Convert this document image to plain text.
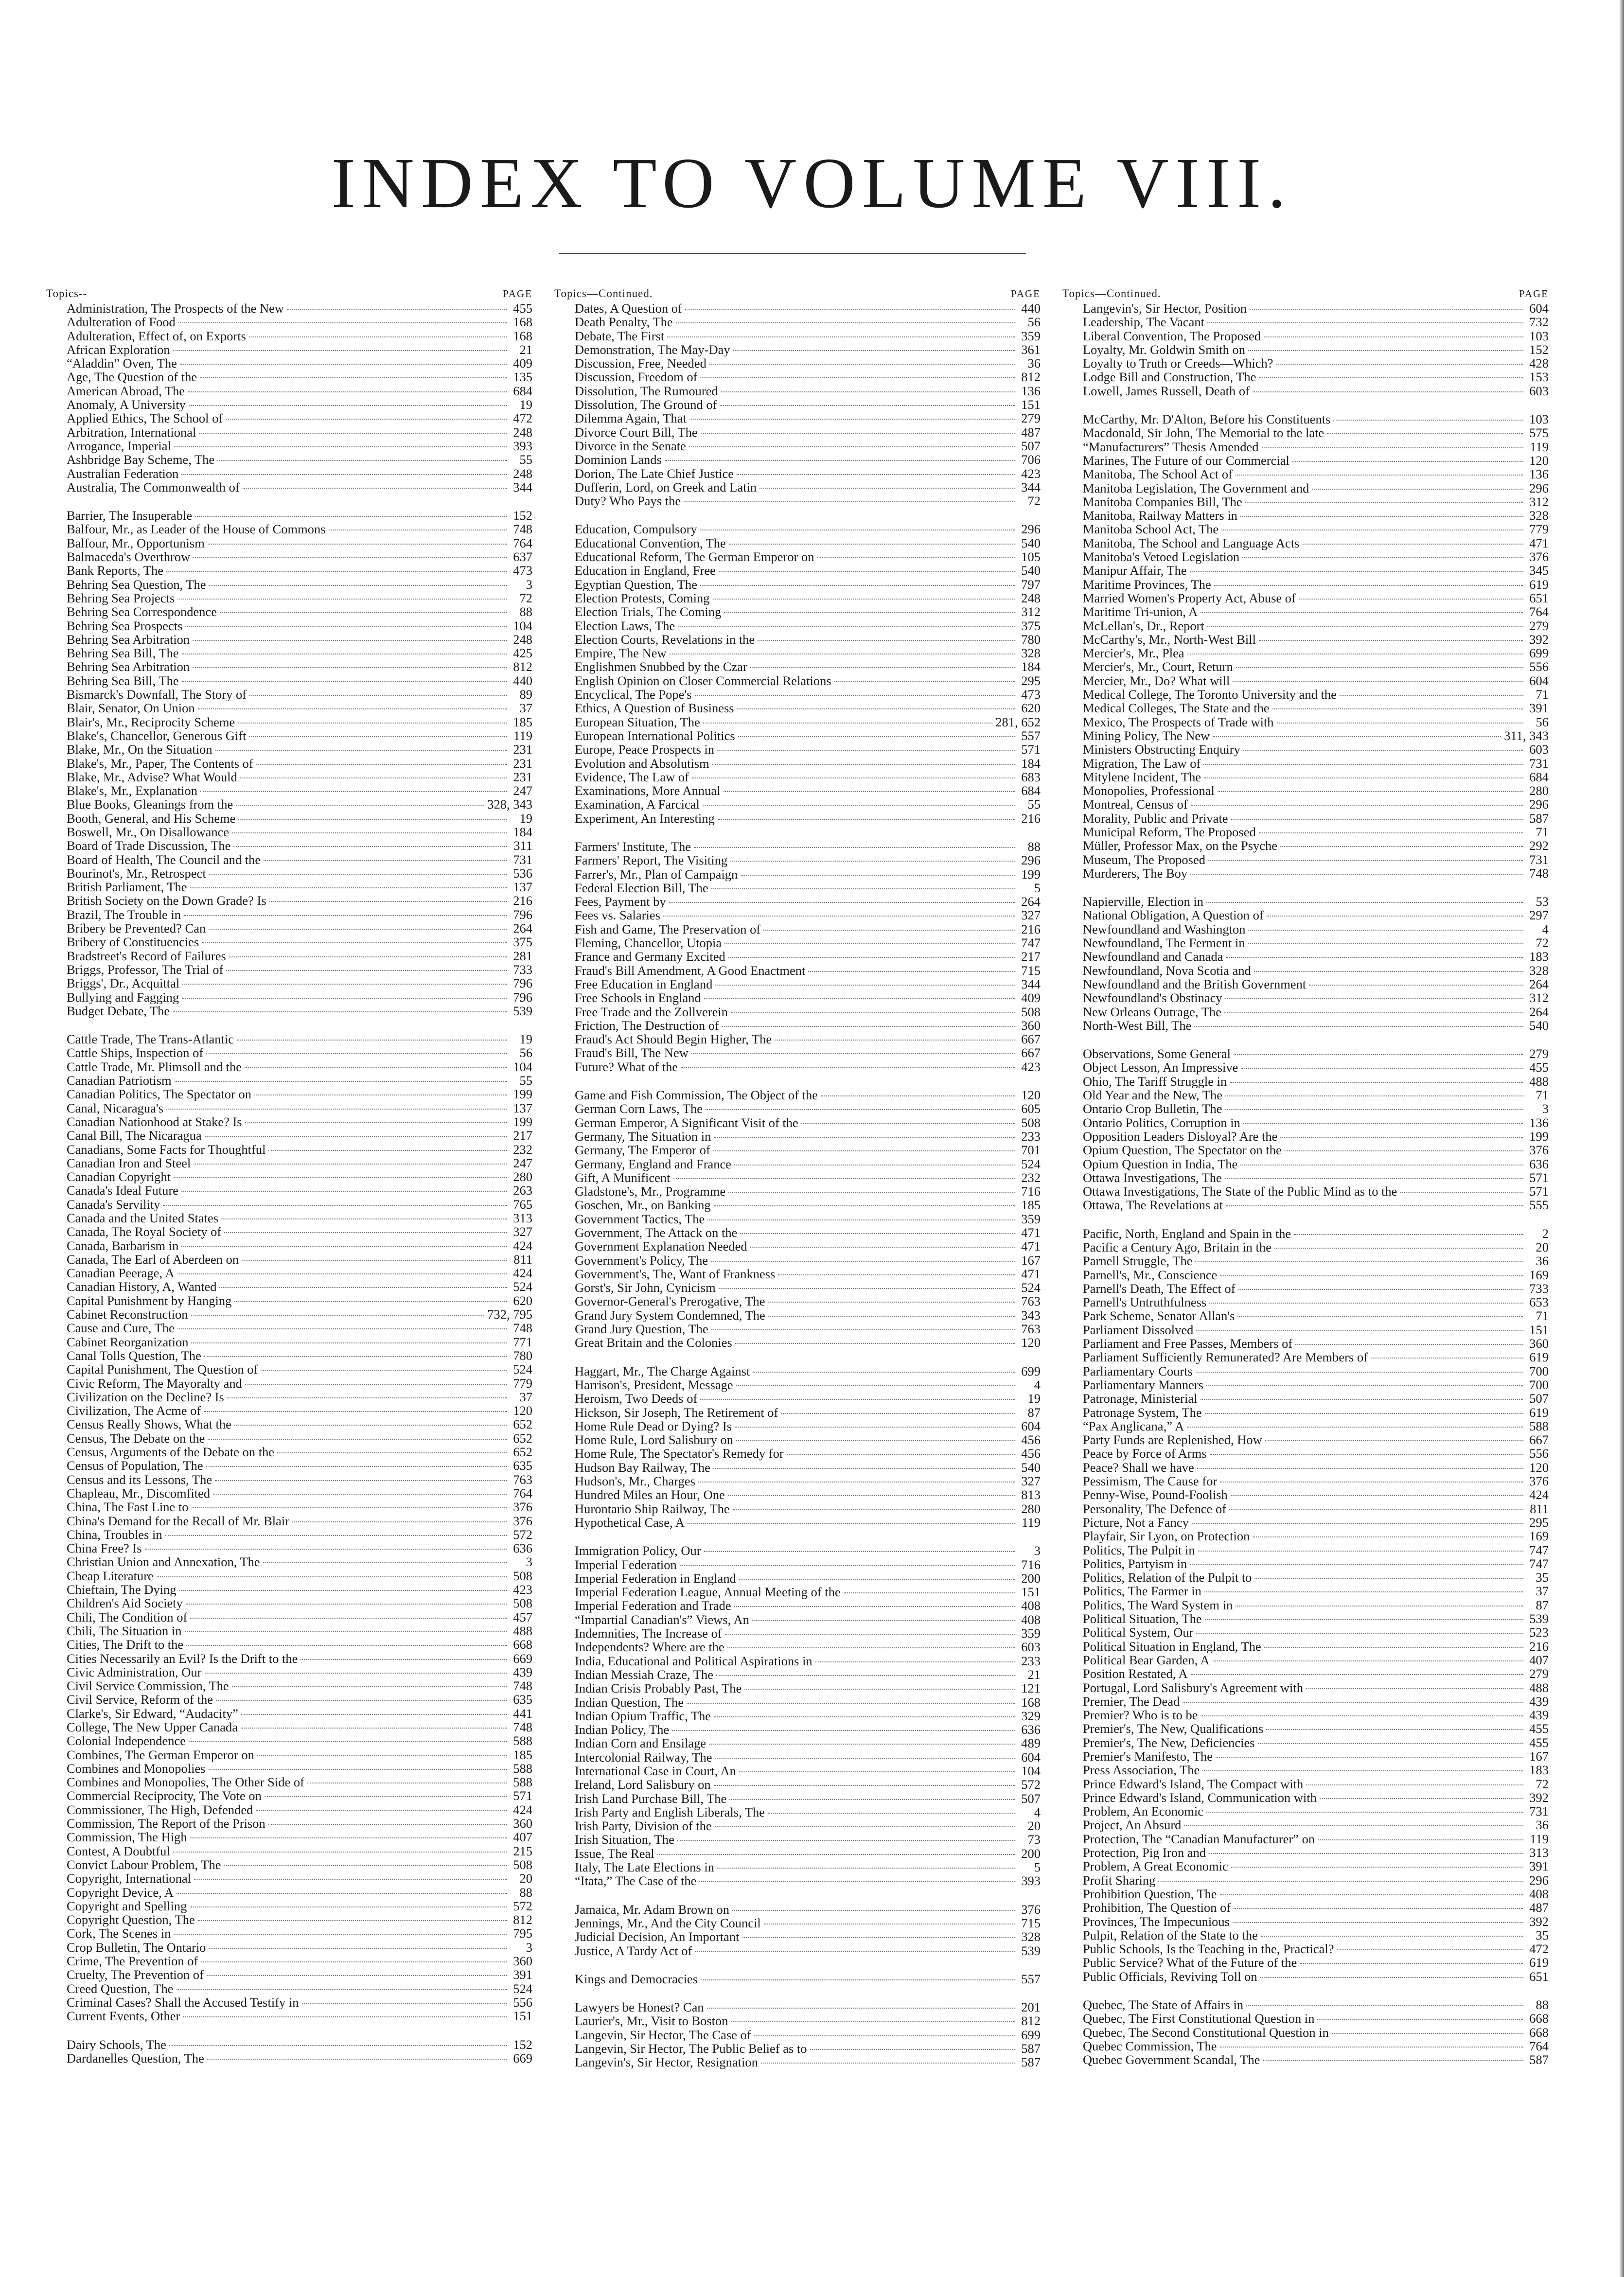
INDEX TO VOLUME VIII.
Topics--	PAGE
Administration, The Prospects of the New	455
Adulteration of Food	168
Adulteration, Effect of, on Exports	168
African Exploration	21
“Aladdin” Oven, The	409
Age, The Question of the	135
American Abroad, The	684
Anomaly, A University	19
Applied Ethics, The School of	472
Arbitration, International	248
Arrogance, Imperial	393
Ashbridge Bay Scheme, The	55
Australian Federation	248
Australia, The Commonwealth of	344
Barrier, The Insuperable	152
Balfour, Mr., as Leader of the House of Commons	748
Balfour, Mr., Opportunism	764
Balmaceda's Overthrow	637
Bank Reports, The	473
Behring Sea Question, The	3
Behring Sea Projects	72
Behring Sea Correspondence	88
Behring Sea Prospects	104
Behring Sea Arbitration	248
Behring Sea Bill, The	425
Behring Sea Arbitration	812
Behring Sea Bill, The	440
Bismarck's Downfall, The Story of	89
Blair, Senator, On Union	37
Blair's, Mr., Reciprocity Scheme	185
Blake's, Chancellor, Generous Gift	119
Blake, Mr., On the Situation	231
Blake's, Mr., Paper, The Contents of	231
Blake, Mr., Advise? What Would	231
Blake's, Mr., Explanation	247
Blue Books, Gleanings from the	328, 343
Booth, General, and His Scheme	19
Boswell, Mr., On Disallowance	184
Board of Trade Discussion, The	311
Board of Health, The Council and the	731
Bourinot's, Mr., Retrospect	536
British Parliament, The	137
British Society on the Down Grade? Is	216
Brazil, The Trouble in	796
Bribery be Prevented? Can	264
Bribery of Constituencies	375
Bradstreet's Record of Failures	281
Briggs, Professor, The Trial of	733
Briggs', Dr., Acquittal	796
Bullying and Fagging	796
Budget Debate, The	539
Cattle Trade, The Trans-Atlantic	19
Cattle Ships, Inspection of	56
Cattle Trade, Mr. Plimsoll and the	104
Canadian Patriotism	55
Canadian Politics, The Spectator on	199
Canal, Nicaragua's	137
Canadian Nationhood at Stake? Is	199
Canal Bill, The Nicaragua	217
Canadians, Some Facts for Thoughtful	232
Canadian Iron and Steel	247
Canadian Copyright	280
Canada's Ideal Future	263
Canada's Servility	765
Canada and the United States	313
Canada, The Royal Society of	327
Canada, Barbarism in	424
Canada, The Earl of Aberdeen on	811
Canadian Peerage, A	424
Canadian History, A, Wanted	524
Capital Punishment by Hanging	620
Cabinet Reconstruction	732, 795
Cause and Cure, The	748
Cabinet Reorganization	771
Canal Tolls Question, The	780
Capital Punishment, The Question of	524
Civic Reform, The Mayoralty and	779
Civilization on the Decline? Is	37
Civilization, The Acme of	120
Census Really Shows, What the	652
Census, The Debate on the	652
Census, Arguments of the Debate on the	652
Census of Population, The	635
Census and its Lessons, The	763
Chapleau, Mr., Discomfited	764
China, The Fast Line to	376
China's Demand for the Recall of Mr. Blair	376
China, Troubles in	572
China Free? Is	636
Christian Union and Annexation, The	3
Cheap Literature	508
Chieftain, The Dying	423
Children's Aid Society	508
Chili, The Condition of	457
Chili, The Situation in	488
Cities, The Drift to the	668
Cities Necessarily an Evil? Is the Drift to the	669
Civic Administration, Our	439
Civil Service Commission, The	748
Civil Service, Reform of the	635
Clarke's, Sir Edward, “Audacity”	441
College, The New Upper Canada	748
Colonial Independence	588
Combines, The German Emperor on	185
Combines and Monopolies	588
Combines and Monopolies, The Other Side of	588
Commercial Reciprocity, The Vote on	571
Commissioner, The High, Defended	424
Commission, The Report of the Prison	360
Commission, The High	407
Contest, A Doubtful	215
Convict Labour Problem, The	508
Copyright, International	20
Copyright Device, A	88
Copyright and Spelling	572
Copyright Question, The	812
Cork, The Scenes in	795
Crop Bulletin, The Ontario	3
Crime, The Prevention of	360
Cruelty, The Prevention of	391
Creed Question, The	524
Criminal Cases? Shall the Accused Testify in	556
Current Events, Other	151
Dairy Schools, The	152
Dardanelles Question, The	669
Topics—Continued.	PAGE
Dates, A Question of	440
Death Penalty, The	56
Debate, The First	359
Demonstration, The May-Day	361
Discussion, Free, Needed	36
Discussion, Freedom of	812
Dissolution, The Rumoured	136
Dissolution, The Ground of	151
Dilemma Again, That	279
Divorce Court Bill, The	487
Divorce in the Senate	507
Dominion Lands	706
Dorion, The Late Chief Justice	423
Dufferin, Lord, on Greek and Latin	344
Duty? Who Pays the	72
Education, Compulsory	296
Educational Convention, The	540
Educational Reform, The German Emperor on	105
Education in England, Free	540
Egyptian Question, The	797
Election Protests, Coming	248
Election Trials, The Coming	312
Election Laws, The	375
Election Courts, Revelations in the	780
Empire, The New	328
Englishmen Snubbed by the Czar	184
English Opinion on Closer Commercial Relations	295
Encyclical, The Pope's	473
Ethics, A Question of Business	620
European Situation, The	281, 652
European International Politics	557
Europe, Peace Prospects in	571
Evolution and Absolutism	184
Evidence, The Law of	683
Examinations, More Annual	684
Examination, A Farcical	55
Experiment, An Interesting	216
Farmers' Institute, The	88
Farmers' Report, The Visiting	296
Farrer's, Mr., Plan of Campaign	199
Federal Election Bill, The	5
Fees, Payment by	264
Fees vs. Salaries	327
Fish and Game, The Preservation of	216
Fleming, Chancellor, Utopia	747
France and Germany Excited	217
Fraud's Bill Amendment, A Good Enactment	715
Free Education in England	344
Free Schools in England	409
Free Trade and the Zollverein	508
Friction, The Destruction of	360
Fraud's Act Should Begin Higher, The	667
Fraud's Bill, The New	667
Future? What of the	423
Game and Fish Commission, The Object of the	120
German Corn Laws, The	605
German Emperor, A Significant Visit of the	508
Germany, The Situation in	233
Germany, The Emperor of	701
Germany, England and France	524
Gift, A Munificent	232
Gladstone's, Mr., Programme	716
Goschen, Mr., on Banking	185
Government Tactics, The	359
Government, The Attack on the	471
Government Explanation Needed	471
Government's Policy, The	167
Government's, The, Want of Frankness	471
Gorst's, Sir John, Cynicism	524
Governor-General's Prerogative, The	763
Grand Jury System Condemned, The	343
Grand Jury Question, The	763
Great Britain and the Colonies	120
Haggart, Mr., The Charge Against	699
Harrison's, President, Message	4
Heroism, Two Deeds of	19
Hickson, Sir Joseph, The Retirement of	87
Home Rule Dead or Dying? Is	604
Home Rule, Lord Salisbury on	456
Home Rule, The Spectator's Remedy for	456
Hudson Bay Railway, The	540
Hudson's, Mr., Charges	327
Hundred Miles an Hour, One	813
Hurontario Ship Railway, The	280
Hypothetical Case, A	119
Immigration Policy, Our	3
Imperial Federation	716
Imperial Federation in England	200
Imperial Federation League, Annual Meeting of the	151
Imperial Federation and Trade	408
“Impartial Canadian's” Views, An	408
Indemnities, The Increase of	359
Independents? Where are the	603
India, Educational and Political Aspirations in	233
Indian Messiah Craze, The	21
Indian Crisis Probably Past, The	121
Indian Question, The	168
Indian Opium Traffic, The	329
Indian Policy, The	636
Indian Corn and Ensilage	489
Intercolonial Railway, The	604
International Case in Court, An	104
Ireland, Lord Salisbury on	572
Irish Land Purchase Bill, The	507
Irish Party and English Liberals, The	4
Irish Party, Division of the	20
Irish Situation, The	73
Issue, The Real	200
Italy, The Late Elections in	5
“Itata,” The Case of the	393
Jamaica, Mr. Adam Brown on	376
Jennings, Mr., And the City Council	715
Judicial Decision, An Important	328
Justice, A Tardy Act of	539
Kings and Democracies	557
Lawyers be Honest? Can	201
Laurier's, Mr., Visit to Boston	812
Langevin, Sir Hector, The Case of	699
Langevin, Sir Hector, The Public Belief as to	587
Langevin's, Sir Hector, Resignation	587
Topics—Continued.	PAGE
Langevin's, Sir Hector, Position	604
Leadership, The Vacant	732
Liberal Convention, The Proposed	103
Loyalty, Mr. Goldwin Smith on	152
Loyalty to Truth or Creeds—Which?	428
Lodge Bill and Construction, The	153
Lowell, James Russell, Death of	603
McCarthy, Mr. D'Alton, Before his Constituents	103
Macdonald, Sir John, The Memorial to the late	575
“Manufacturers” Thesis Amended	119
Marines, The Future of our Commercial	120
Manitoba, The School Act of	136
Manitoba Legislation, The Government and	296
Manitoba Companies Bill, The	312
Manitoba, Railway Matters in	328
Manitoba School Act, The	779
Manitoba, The School and Language Acts	471
Manitoba's Vetoed Legislation	376
Manipur Affair, The	345
Maritime Provinces, The	619
Married Women's Property Act, Abuse of	651
Maritime Tri-union, A	764
McLellan's, Dr., Report	279
McCarthy's, Mr., North-West Bill	392
Mercier's, Mr., Plea	699
Mercier's, Mr., Court, Return	556
Mercier, Mr., Do? What will	604
Medical College, The Toronto University and the	71
Medical Colleges, The State and the	391
Mexico, The Prospects of Trade with	56
Mining Policy, The New	311, 343
Ministers Obstructing Enquiry	603
Migration, The Law of	731
Mitylene Incident, The	684
Monopolies, Professional	280
Montreal, Census of	296
Morality, Public and Private	587
Municipal Reform, The Proposed	71
Müller, Professor Max, on the Psyche	292
Museum, The Proposed	731
Murderers, The Boy	748
Napierville, Election in	53
National Obligation, A Question of	297
Newfoundland and Washington	4
Newfoundland, The Ferment in	72
Newfoundland and Canada	183
Newfoundland, Nova Scotia and	328
Newfoundland and the British Government	264
Newfoundland's Obstinacy	312
New Orleans Outrage, The	264
North-West Bill, The	540
Observations, Some General	279
Object Lesson, An Impressive	455
Ohio, The Tariff Struggle in	488
Old Year and the New, The	71
Ontario Crop Bulletin, The	3
Ontario Politics, Corruption in	136
Opposition Leaders Disloyal? Are the	199
Opium Question, The Spectator on the	376
Opium Question in India, The	636
Ottawa Investigations, The	571
Ottawa Investigations, The State of the Public Mind as to the	571
Ottawa, The Revelations at	555
Pacific, North, England and Spain in the	2
Pacific a Century Ago, Britain in the	20
Parnell Struggle, The	36
Parnell's, Mr., Conscience	169
Parnell's Death, The Effect of	733
Parnell's Untruthfulness	653
Park Scheme, Senator Allan's	71
Parliament Dissolved	151
Parliament and Free Passes, Members of	360
Parliament Sufficiently Remunerated? Are Members of	619
Parliamentary Courts	700
Parliamentary Manners	700
Patronage, Ministerial	507
Patronage System, The	619
“Pax Anglicana,” A	588
Party Funds are Replenished, How	667
Peace by Force of Arms	556
Peace? Shall we have	120
Pessimism, The Cause for	376
Penny-Wise, Pound-Foolish	424
Personality, The Defence of	811
Picture, Not a Fancy	295
Playfair, Sir Lyon, on Protection	169
Politics, The Pulpit in	747
Politics, Partyism in	747
Politics, Relation of the Pulpit to	35
Politics, The Farmer in	37
Politics, The Ward System in	87
Political Situation, The	539
Political System, Our	523
Political Situation in England, The	216
Political Bear Garden, A	407
Position Restated, A	279
Portugal, Lord Salisbury's Agreement with	488
Premier, The Dead	439
Premier? Who is to be	439
Premier's, The New, Qualifications	455
Premier's, The New, Deficiencies	455
Premier's Manifesto, The	167
Press Association, The	183
Prince Edward's Island, The Compact with	72
Prince Edward's Island, Communication with	392
Problem, An Economic	731
Project, An Absurd	36
Protection, The “Canadian Manufacturer” on	119
Protection, Pig Iron and	313
Problem, A Great Economic	391
Profit Sharing	296
Prohibition Question, The	408
Prohibition, The Question of	487
Provinces, The Impecunious	392
Pulpit, Relation of the State to the	35
Public Schools, Is the Teaching in the, Practical?	472
Public Service? What of the Future of the	619
Public Officials, Reviving Toll on	651
Quebec, The State of Affairs in	88
Quebec, The First Constitutional Question in	668
Quebec, The Second Constitutional Question in	668
Quebec Commission, The	764
Quebec Government Scandal, The	587
